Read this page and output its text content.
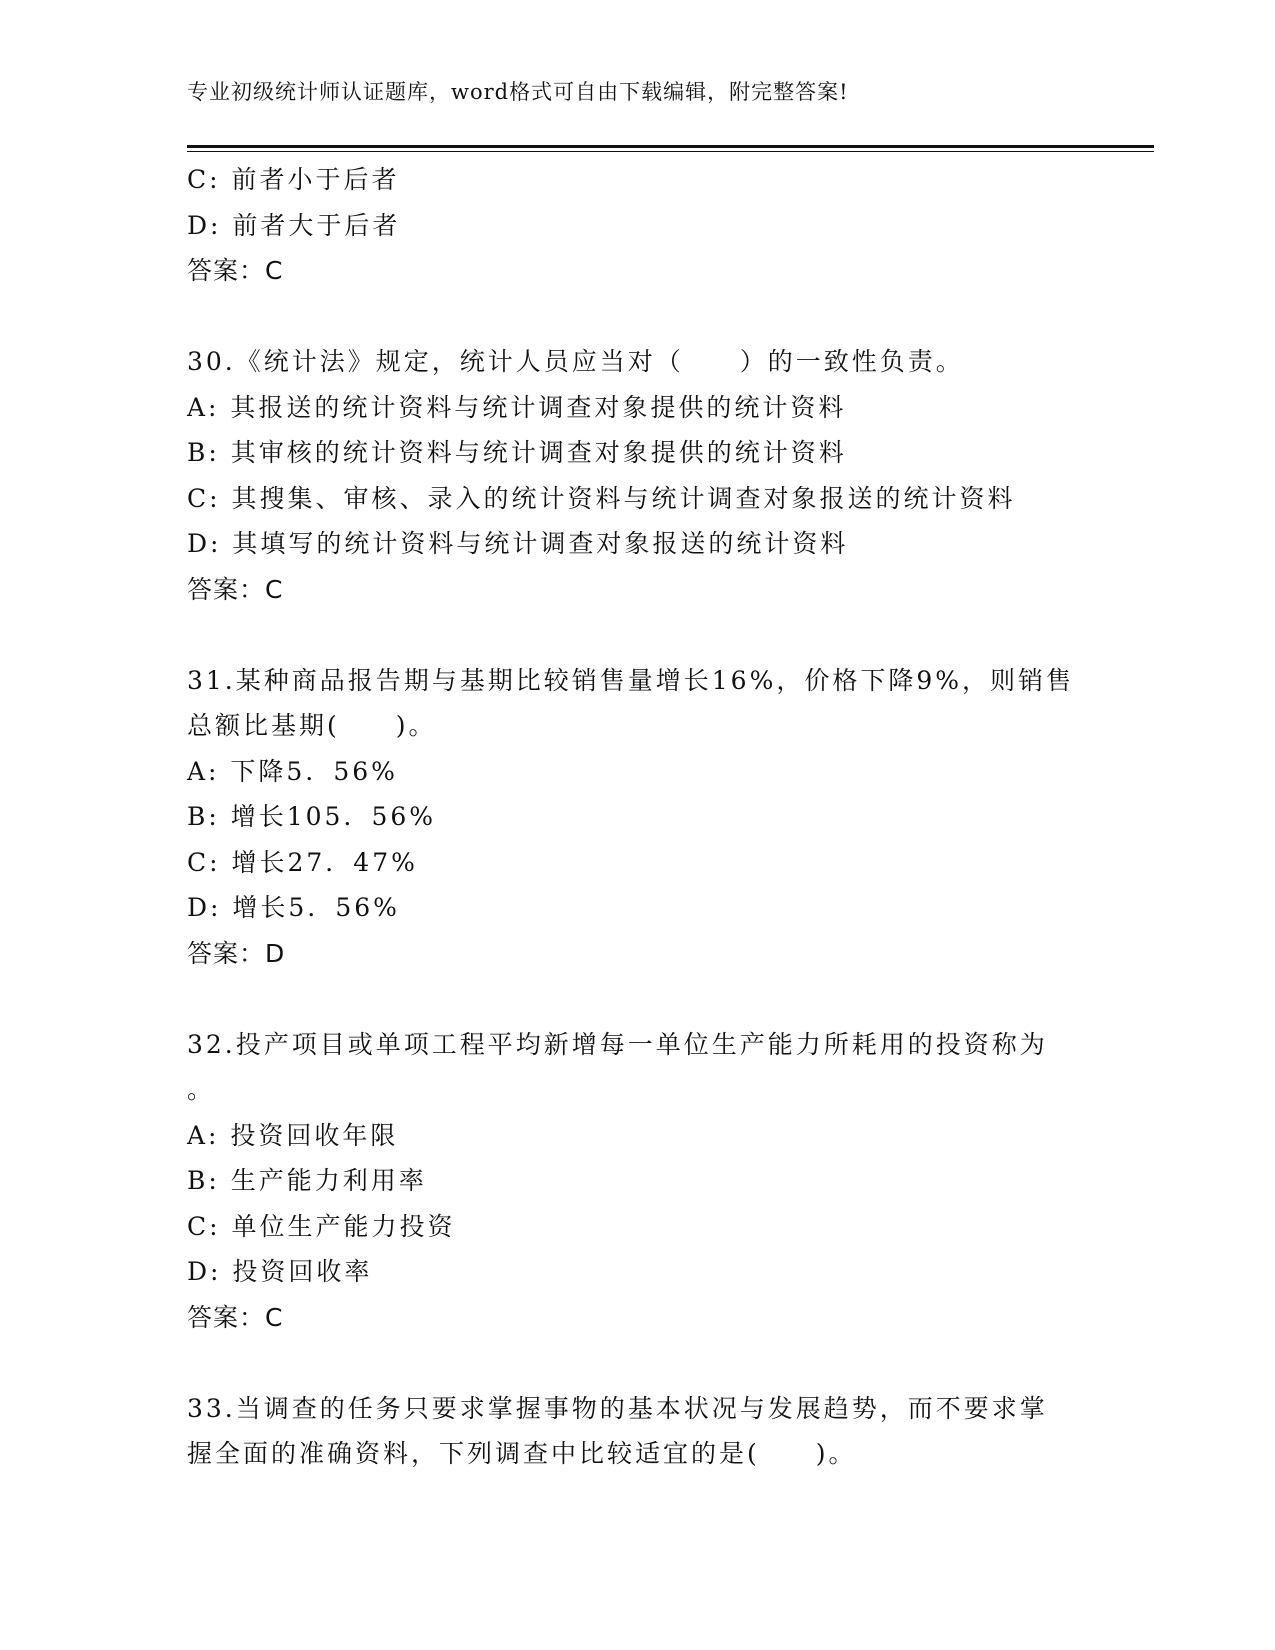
专业初级统计师认证题库，word格式可自由下载编辑，附完整答案!
C: 前者小于后者
D: 前者大于后者
答案：C
30.《统计法》规定，统计人员应当对（　　）的一致性负责。
A: 其报送的统计资料与统计调查对象提供的统计资料
B: 其审核的统计资料与统计调查对象提供的统计资料
C: 其搜集、审核、录入的统计资料与统计调查对象报送的统计资料
D: 其填写的统计资料与统计调查对象报送的统计资料
答案：C
31.某种商品报告期与基期比较销售量增长16%，价格下降9%，则销售
总额比基期(　　)。
A: 下降5．56%
B: 增长105．56%
C: 增长27．47%
D: 增长5．56%
答案：D
32.投产项目或单项工程平均新增每一单位生产能力所耗用的投资称为
。
A: 投资回收年限
B: 生产能力利用率
C: 单位生产能力投资
D: 投资回收率
答案：C
33.当调查的任务只要求掌握事物的基本状况与发展趋势，而不要求掌
握全面的准确资料，下列调查中比较适宜的是(　　)。
